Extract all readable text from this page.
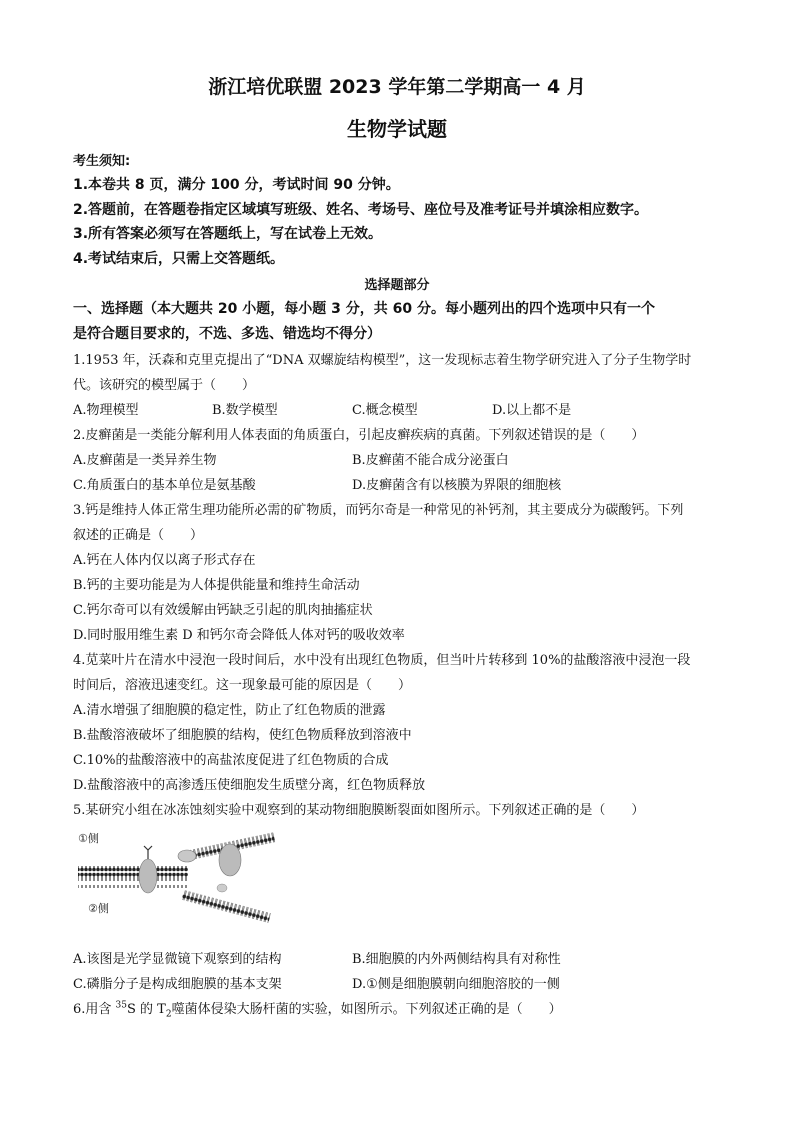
浙江培优联盟 2023 学年第二学期高一 4 月
生物学试题
考生须知:
1.本卷共 8 页，满分 100 分，考试时间 90 分钟。
2.答题前，在答题卷指定区域填写班级、姓名、考场号、座位号及准考证号并填涂相应数字。
3.所有答案必须写在答题纸上，写在试卷上无效。
4.考试结束后，只需上交答题纸。
选择题部分
一、选择题（本大题共 20 小题，每小题 3 分，共 60 分。每小题列出的四个选项中只有一个
是符合题目要求的，不选、多选、错选均不得分）
1.1953 年，沃森和克里克提出了“DNA 双螺旋结构模型”，这一发现标志着生物学研究进入了分子生物学时
代。该研究的模型属于（　　）
A.物理模型	B.数学模型	C.概念模型	D.以上都不是
2.皮癣菌是一类能分解利用人体表面的角质蛋白，引起皮癣疾病的真菌。下列叙述错误的是（　　）
A.皮癣菌是一类异养生物	B.皮癣菌不能合成分泌蛋白
C.角质蛋白的基本单位是氨基酸	D.皮癣菌含有以核膜为界限的细胞核
3.钙是维持人体正常生理功能所必需的矿物质，而钙尔奇是一种常见的补钙剂，其主要成分为碳酸钙。下列
叙述的正确是（　　）
A.钙在人体内仅以离子形式存在
B.钙的主要功能是为人体提供能量和维持生命活动
C.钙尔奇可以有效缓解由钙缺乏引起的肌肉抽搐症状
D.同时服用维生素 D 和钙尔奇会降低人体对钙的吸收效率
4.苋菜叶片在清水中浸泡一段时间后，水中没有出现红色物质，但当叶片转移到 10%的盐酸溶液中浸泡一段
时间后，溶液迅速变红。这一现象最可能的原因是（　　）
A.清水增强了细胞膜的稳定性，防止了红色物质的泄露
B.盐酸溶液破坏了细胞膜的结构，使红色物质释放到溶液中
C.10%的盐酸溶液中的高盐浓度促进了红色物质的合成
D.盐酸溶液中的高渗透压使细胞发生质壁分离，红色物质释放
5.某研究小组在冰冻蚀刻实验中观察到的某动物细胞膜断裂面如图所示。下列叙述正确的是（　　）
①侧
②侧
A.该图是光学显微镜下观察到的结构	B.细胞膜的内外两侧结构具有对称性
C.磷脂分子是构成细胞膜的基本支架	D.①侧是细胞膜朝向细胞溶胶的一侧
6.用含 $^{35}$S 的 $T_2$噬菌体侵染大肠杆菌的实验，如图所示。下列叙述正确的是（　　）
